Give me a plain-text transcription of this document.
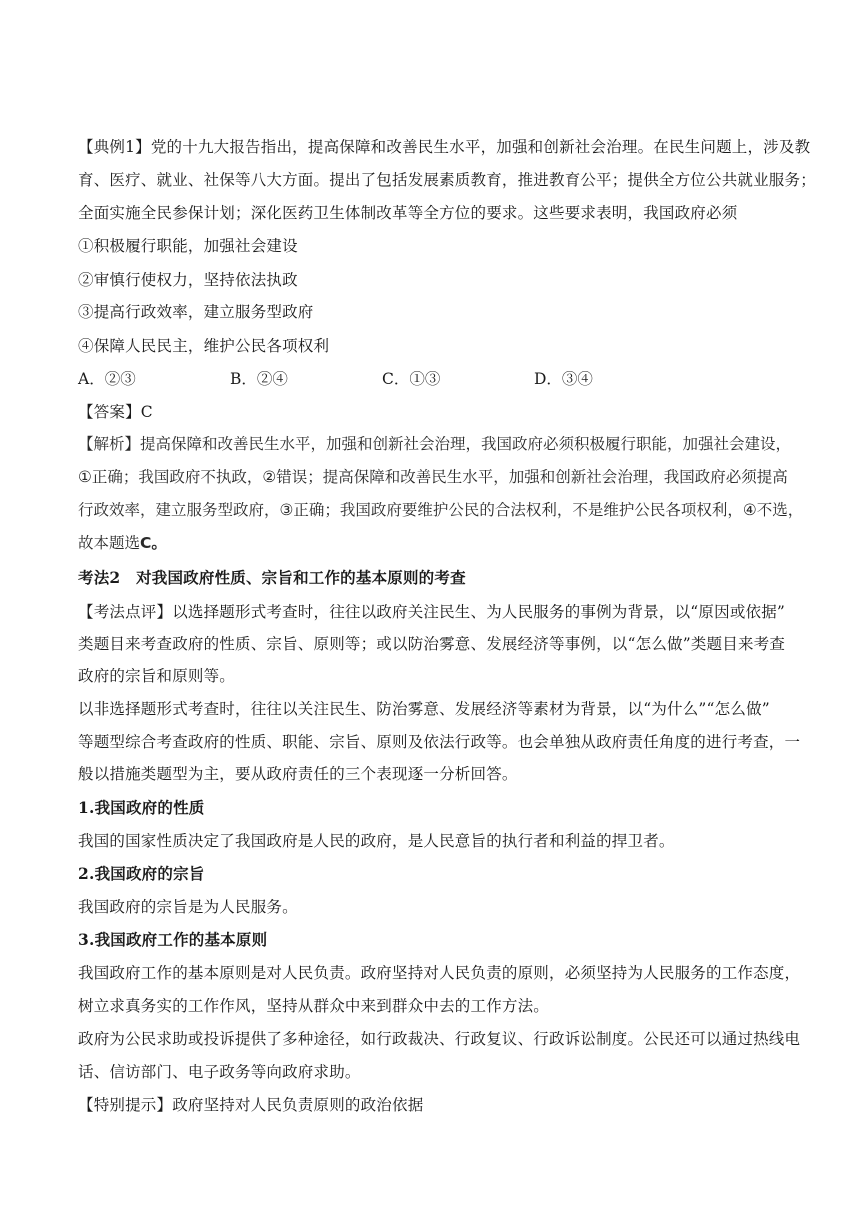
【典例1】党的十九大报告指出，提高保障和改善民生水平，加强和创新社会治理。在民生问题上，涉及教
育、医疗、就业、社保等八大方面。提出了包括发展素质教育，推进教育公平；提供全方位公共就业服务；
全面实施全民参保计划；深化医药卫生体制改革等全方位的要求。这些要求表明，我国政府必须
①积极履行职能，加强社会建设
②审慎行使权力，坚持依法执政
③提高行政效率，建立服务型政府
④保障人民民主，维护公民各项权利
A．②③	B．②④	C．①③	D．③④
【答案】C
【解析】提高保障和改善民生水平，加强和创新社会治理，我国政府必须积极履行职能，加强社会建设，
①正确；我国政府不执政，②错误；提高保障和改善民生水平，加强和创新社会治理，我国政府必须提高
行政效率，建立服务型政府，③正确；我国政府要维护公民的合法权利，不是维护公民各项权利，④不选，
故本题选C。
考法2　对我国政府性质、宗旨和工作的基本原则的考查
【考法点评】以选择题形式考查时，往往以政府关注民生、为人民服务的事例为背景，以“原因或依据”
类题目来考查政府的性质、宗旨、原则等；或以防治雾意、发展经济等事例，以“怎么做”类题目来考查
政府的宗旨和原则等。
以非选择题形式考查时，往往以关注民生、防治雾意、发展经济等素材为背景，以“为什么”“怎么做”
等题型综合考查政府的性质、职能、宗旨、原则及依法行政等。也会单独从政府责任角度的进行考查，一
般以措施类题型为主，要从政府责任的三个表现逐一分析回答。
1.我国政府的性质
我国的国家性质决定了我国政府是人民的政府，是人民意旨的执行者和利益的捍卫者。
2.我国政府的宗旨
我国政府的宗旨是为人民服务。
3.我国政府工作的基本原则
我国政府工作的基本原则是对人民负责。政府坚持对人民负责的原则，必须坚持为人民服务的工作态度，
树立求真务实的工作作风，坚持从群众中来到群众中去的工作方法。
政府为公民求助或投诉提供了多种途径，如行政裁决、行政复议、行政诉讼制度。公民还可以通过热线电
话、信访部门、电子政务等向政府求助。
【特别提示】政府坚持对人民负责原则的政治依据
